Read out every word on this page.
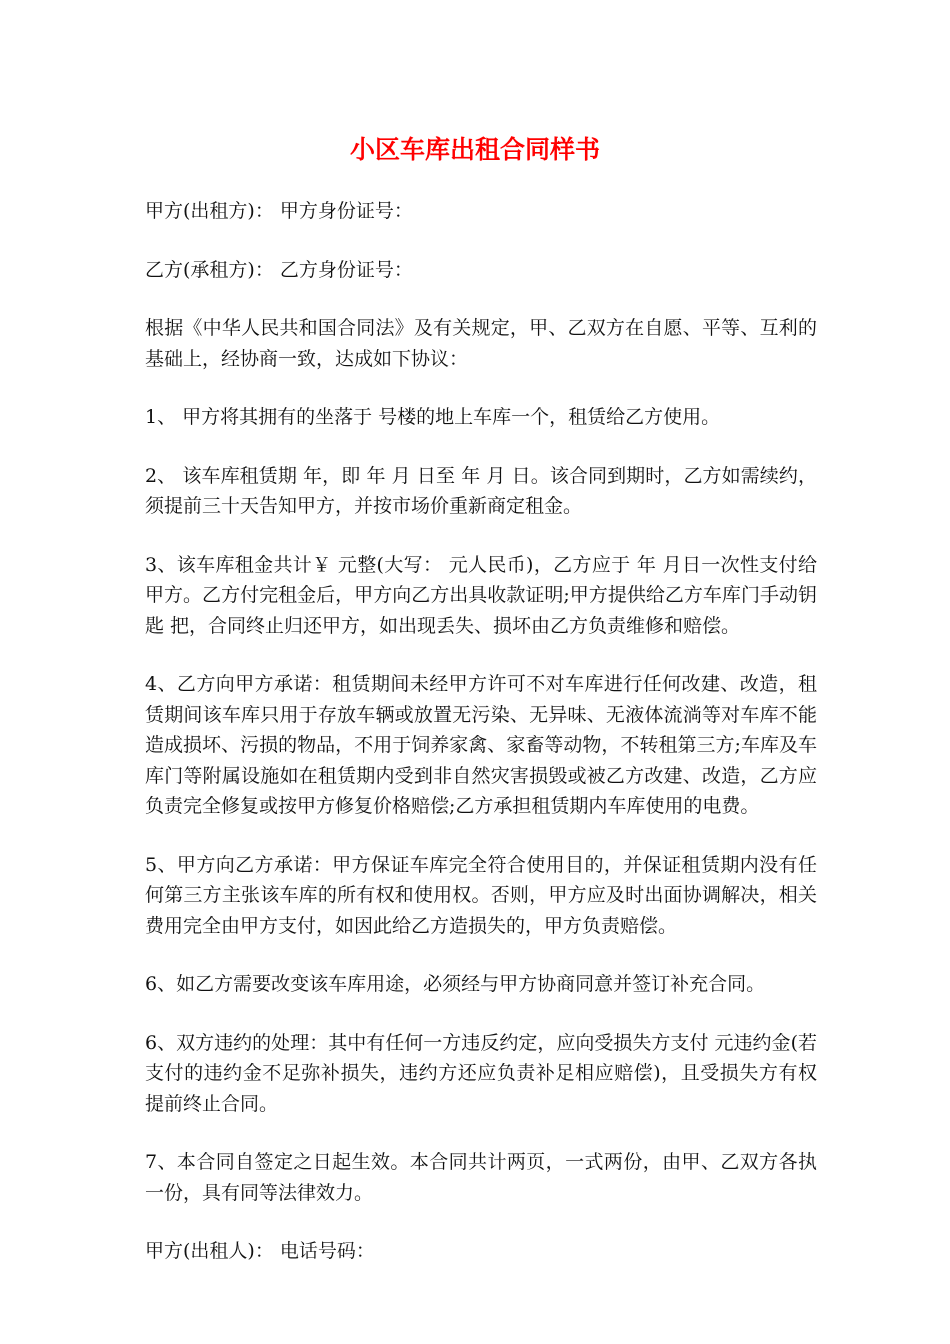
小区车库出租合同样书

甲方(出租方)： 甲方身份证号：

乙方(承租方)： 乙方身份证号：

根据《中华人民共和国合同法》及有关规定，甲、乙双方在自愿、平等、互利的基础上，经协商一致，达成如下协议：

1、 甲方将其拥有的坐落于 号楼的地上车库一个，租赁给乙方使用。

2、 该车库租赁期 年，即 年 月 日至 年 月 日。该合同到期时，乙方如需续约，须提前三十天告知甲方，并按市场价重新商定租金。

3、该车库租金共计￥ 元整(大写： 元人民币)，乙方应于 年 月日一次性支付给甲方。乙方付完租金后，甲方向乙方出具收款证明;甲方提供给乙方车库门手动钥匙 把，合同终止归还甲方，如出现丢失、损坏由乙方负责维修和赔偿。

4、乙方向甲方承诺：租赁期间未经甲方许可不对车库进行任何改建、改造，租赁期间该车库只用于存放车辆或放置无污染、无异味、无液体流淌等对车库不能造成损坏、污损的物品，不用于饲养家禽、家畜等动物，不转租第三方;车库及车库门等附属设施如在租赁期内受到非自然灾害损毁或被乙方改建、改造，乙方应负责完全修复或按甲方修复价格赔偿;乙方承担租赁期内车库使用的电费。

5、甲方向乙方承诺：甲方保证车库完全符合使用目的，并保证租赁期内没有任何第三方主张该车库的所有权和使用权。否则，甲方应及时出面协调解决，相关费用完全由甲方支付，如因此给乙方造损失的，甲方负责赔偿。

6、如乙方需要改变该车库用途，必须经与甲方协商同意并签订补充合同。

6、双方违约的处理：其中有任何一方违反约定，应向受损失方支付 元违约金(若支付的违约金不足弥补损失，违约方还应负责补足相应赔偿)，且受损失方有权提前终止合同。

7、本合同自签定之日起生效。本合同共计两页，一式两份，由甲、乙双方各执一份，具有同等法律效力。

甲方(出租人)： 电话号码：
